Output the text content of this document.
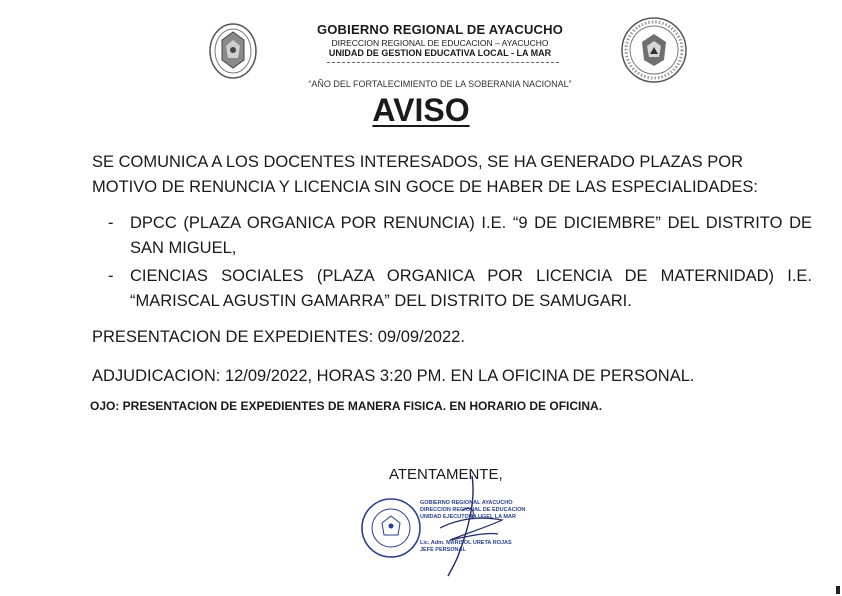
GOBIERNO REGIONAL DE AYACUCHO
DIRECCION REGIONAL DE EDUCACION – AYACUCHO
UNIDAD DE GESTION EDUCATIVA LOCAL - LA MAR
“AÑO DEL FORTALECIMIENTO DE LA SOBERANIA NACIONAL”
AVISO
SE COMUNICA A LOS DOCENTES INTERESADOS, SE HA GENERADO PLAZAS POR MOTIVO DE RENUNCIA Y LICENCIA SIN GOCE DE HABER DE LAS ESPECIALIDADES:
- DPCC (PLAZA ORGANICA POR RENUNCIA) I.E. “9 DE DICIEMBRE” DEL DISTRITO DE SAN MIGUEL,
- CIENCIAS SOCIALES (PLAZA ORGANICA POR LICENCIA DE MATERNIDAD) I.E. “MARISCAL AGUSTIN GAMARRA” DEL DISTRITO DE SAMUGARI.
PRESENTACION DE EXPEDIENTES: 09/09/2022.
ADJUDICACION: 12/09/2022, HORAS 3:20 PM. EN LA OFICINA DE PERSONAL.
OJO: PRESENTACION DE EXPEDIENTES DE MANERA FISICA. EN HORARIO DE OFICINA.
ATENTAMENTE,
GOBIERNO REGIONAL AYACUCHO
DIRECCION REGIONAL DE EDUCACION
UNIDAD EJECUTORA UGEL LA MAR
Lic. Adm. MARISOL URETA ROJAS
JEFE PERSONAL
